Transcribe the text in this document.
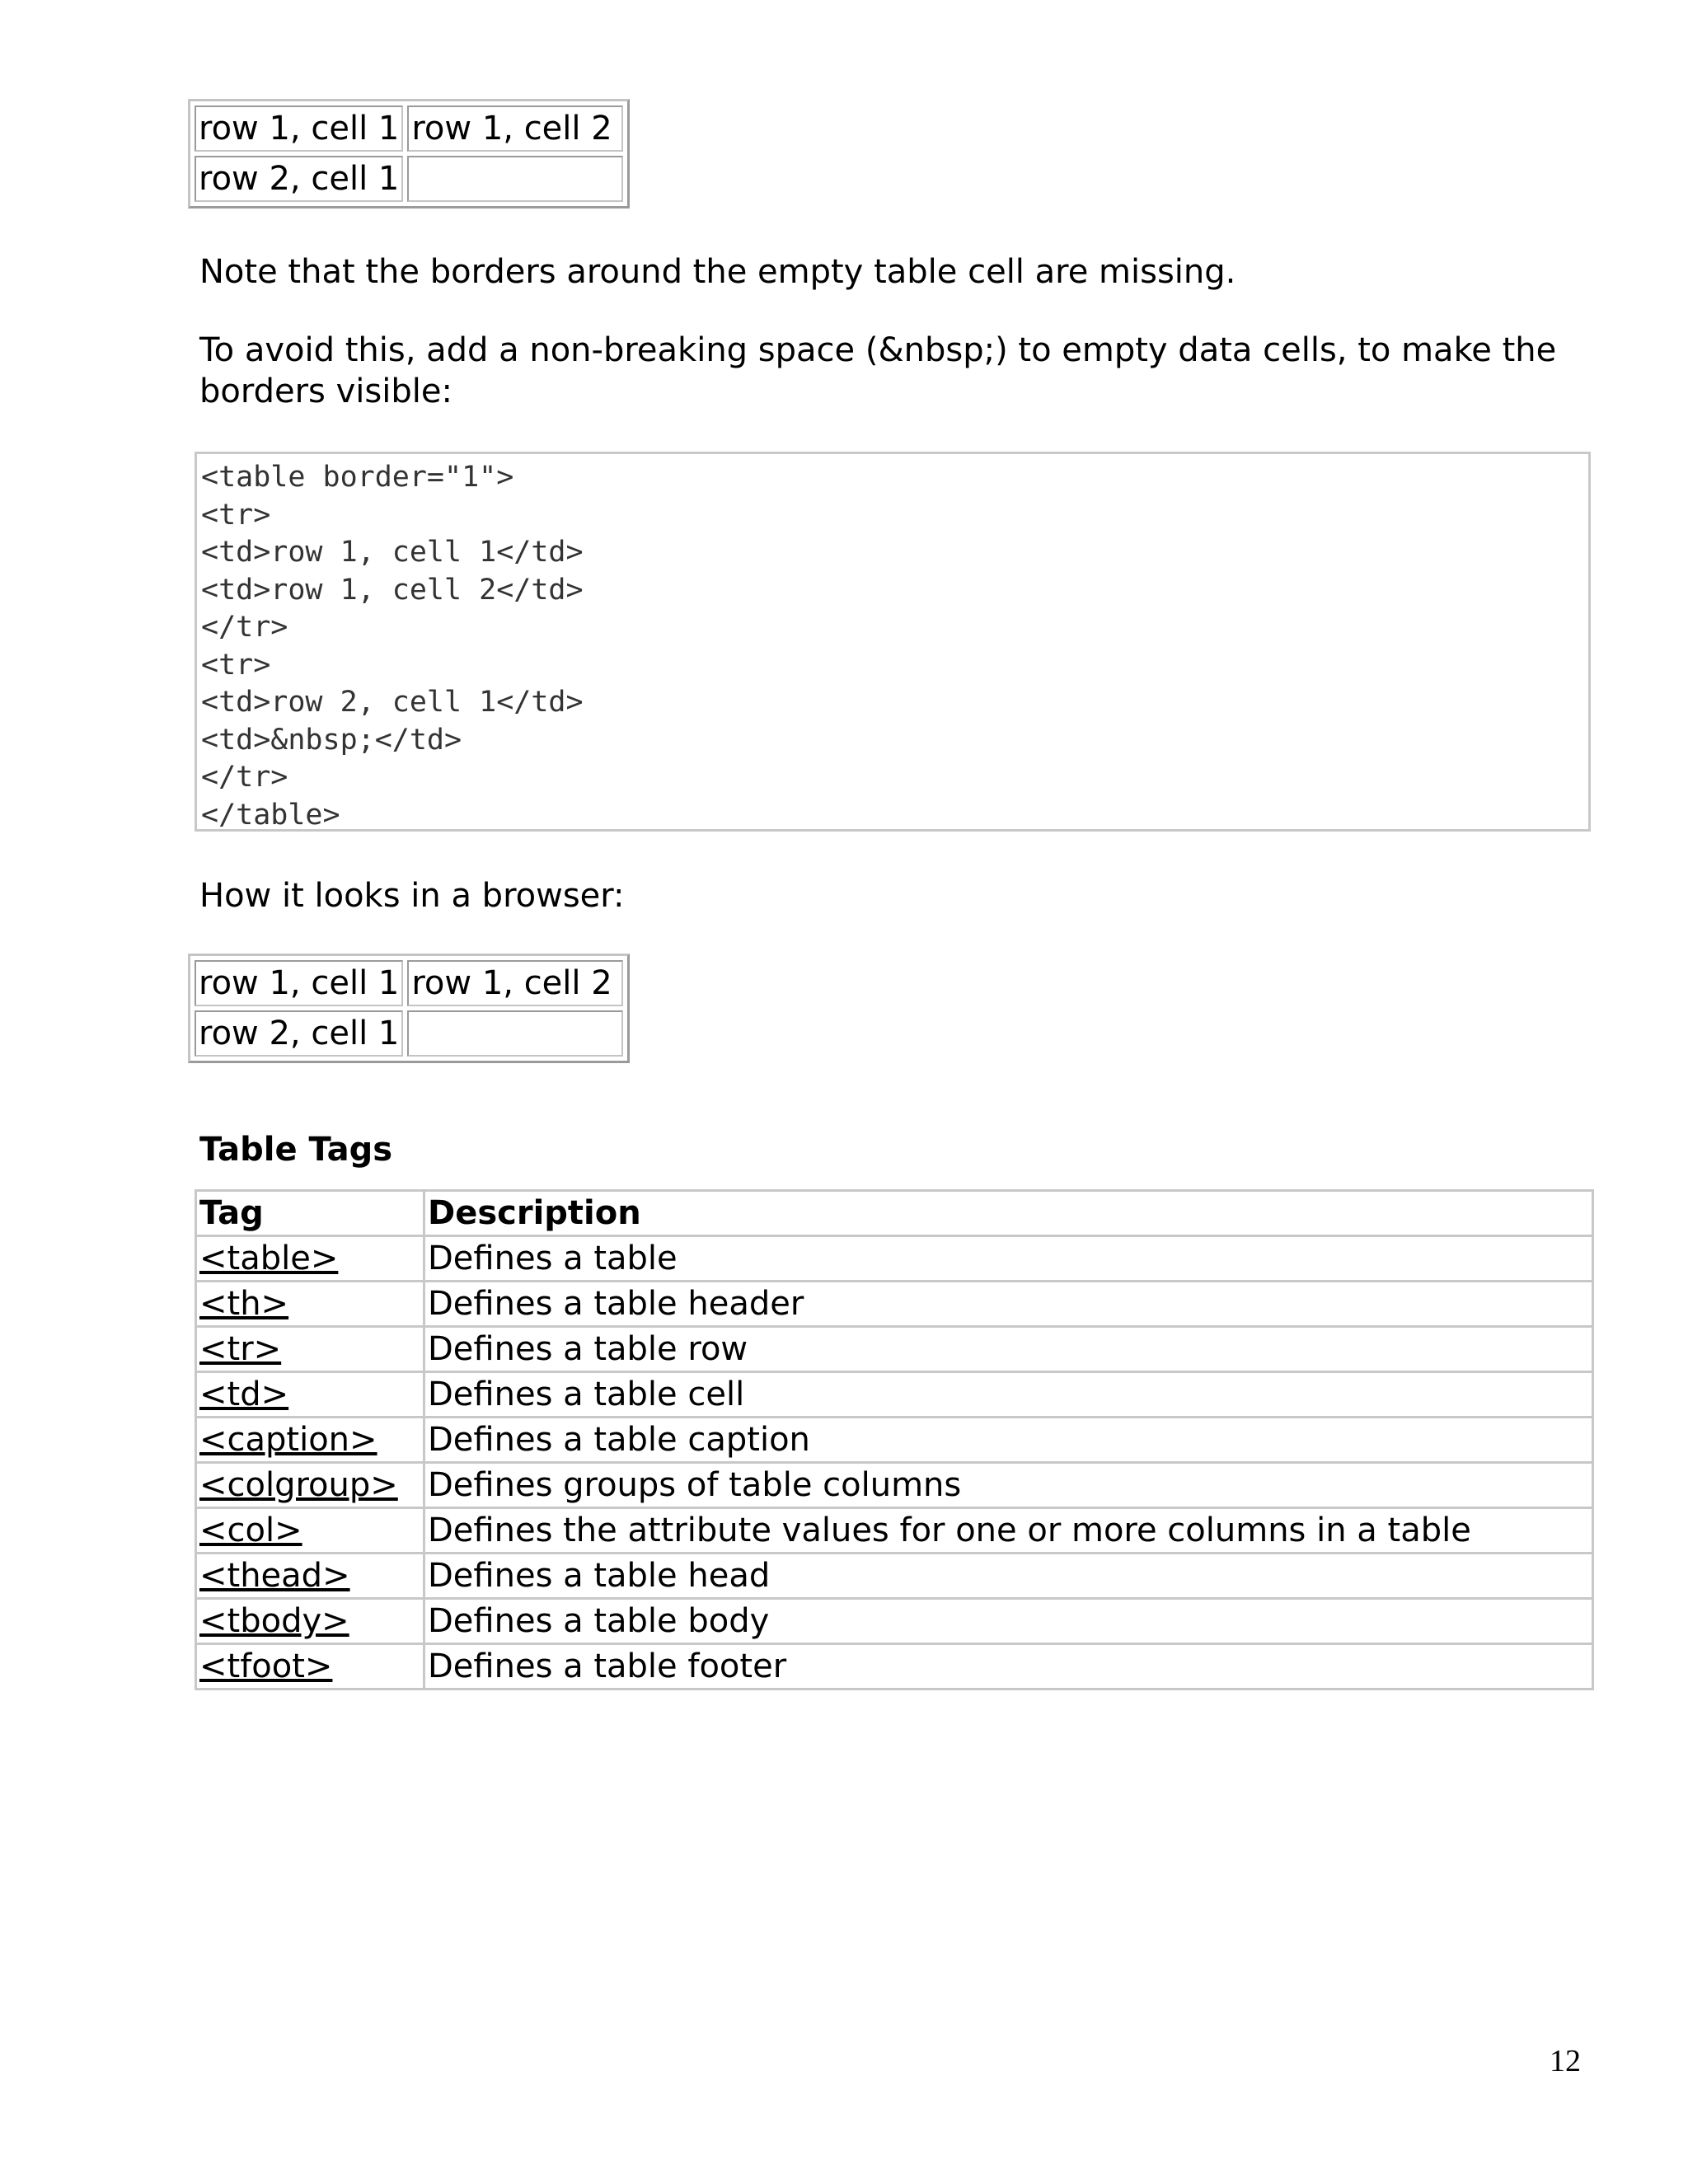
row 1, cell 1	row 1, cell 2
row 2, cell 1	

Note that the borders around the empty table cell are missing.

To avoid this, add a non-breaking space (&nbsp;) to empty data cells, to make the borders visible:

<table border="1">
<tr>
<td>row 1, cell 1</td>
<td>row 1, cell 2</td>
</tr>
<tr>
<td>row 2, cell 1</td>
<td>&nbsp;</td>
</tr>
</table>

How it looks in a browser:

row 1, cell 1	row 1, cell 2
row 2, cell 1	
Table Tags
Tag	Description
<table>	Defines a table
<th>	Defines a table header
<tr>	Defines a table row
<td>	Defines a table cell
<caption>	Defines a table caption
<colgroup>	Defines groups of table columns
<col>	Defines the attribute values for one or more columns in a table
<thead>	Defines a table head
<tbody>	Defines a table body
<tfoot>	Defines a table footer
12
